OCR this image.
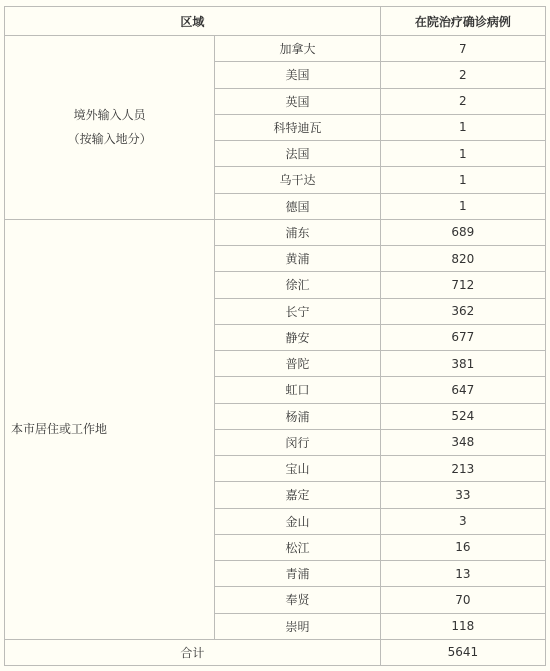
区域		在院治疗确诊病例

境外输入人员
（按输入地分）	加拿大	7
	美国	2
	英国	2
	科特迪瓦	1
	法国	1
	乌干达	1
	德国	1

本市居住或工作地	浦东	689
	黄浦	820
	徐汇	712
	长宁	362
	静安	677
	普陀	381
	虹口	647
	杨浦	524
	闵行	348
	宝山	213
	嘉定	33
	金山	3
	松江	16
	青浦	13
	奉贤	70
	崇明	118
合计		5641
